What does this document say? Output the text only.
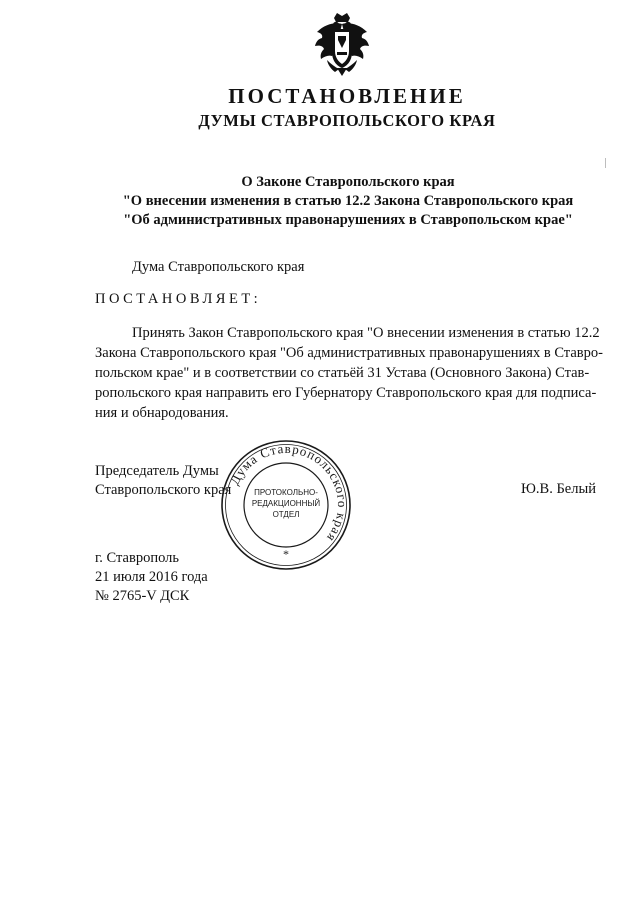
ПОСТАНОВЛЕНИЕ
ДУМЫ СТАВРОПОЛЬСКОГО КРАЯ
О Законе Ставропольского края
"О внесении изменения в статью 12.2 Закона Ставропольского края
"Об административных правонарушениях в Ставропольском крае"
Дума Ставропольского края
ПОСТАНОВЛЯЕТ:
Принять Закон Ставропольского края "О внесении изменения в статью 12.2
Закона Ставропольского края "Об административных правонарушениях в Ставро-
польском крае" и в соответствии со статьёй 31 Устава (Основного Закона) Став-
ропольского края направить его Губернатору Ставропольского края для подписа-
ния и обнародования.
Председатель Думы
Ставропольского края	Ю.В. Белый
Дума Ставропольского края
ПРОТОКОЛЬНО-
РЕДАКЦИОННЫЙ
ОТДЕЛ
*
г. Ставрополь
21 июля 2016 года
№ 2765-V ДСК
